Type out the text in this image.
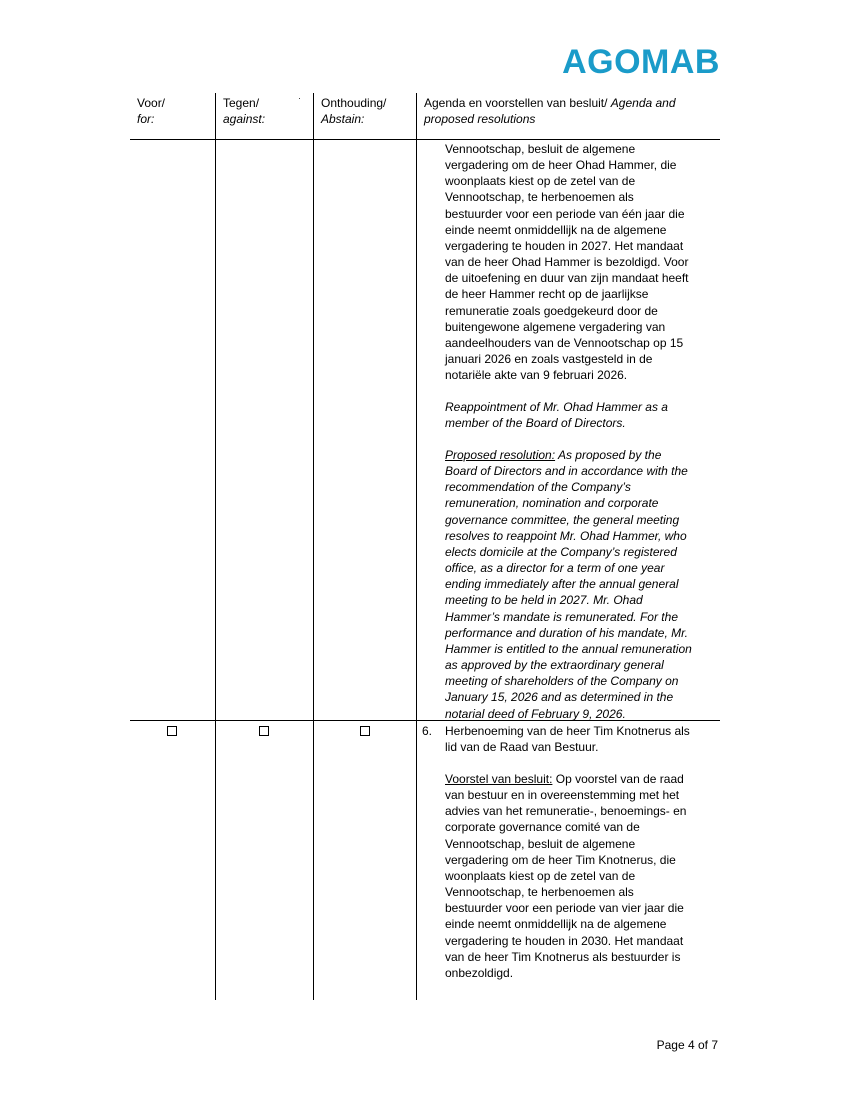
AGOMAB
Voor/
for:
Tegen/
against:
Onthouding/
Abstain:
Agenda en voorstellen van besluit/ Agenda and
proposed resolutions
Vennootschap, besluit de algemene
vergadering om de heer Ohad Hammer, die
woonplaats kiest op de zetel van de
Vennootschap, te herbenoemen als
bestuurder voor een periode van één jaar die
einde neemt onmiddellijk na de algemene
vergadering te houden in 2027. Het mandaat
van de heer Ohad Hammer is bezoldigd. Voor
de uitoefening en duur van zijn mandaat heeft
de heer Hammer recht op de jaarlijkse
remuneratie zoals goedgekeurd door de
buitengewone algemene vergadering van
aandeelhouders van de Vennootschap op 15
januari 2026 en zoals vastgesteld in de
notariële akte van 9 februari 2026.
Reappointment of Mr. Ohad Hammer as a
member of the Board of Directors.
Proposed resolution: As proposed by the
Board of Directors and in accordance with the
recommendation of the Company’s
remuneration, nomination and corporate
governance committee, the general meeting
resolves to reappoint Mr. Ohad Hammer, who
elects domicile at the Company’s registered
office, as a director for a term of one year
ending immediately after the annual general
meeting to be held in 2027. Mr. Ohad
Hammer’s mandate is remunerated. For the
performance and duration of his mandate, Mr.
Hammer is entitled to the annual remuneration
as approved by the extraordinary general
meeting of shareholders of the Company on
January 15, 2026 and as determined in the
notarial deed of February 9, 2026.
6. Herbenoeming van de heer Tim Knotnerus als
lid van de Raad van Bestuur.
Voorstel van besluit: Op voorstel van de raad
van bestuur en in overeenstemming met het
advies van het remuneratie-, benoemings- en
corporate governance comité van de
Vennootschap, besluit de algemene
vergadering om de heer Tim Knotnerus, die
woonplaats kiest op de zetel van de
Vennootschap, te herbenoemen als
bestuurder voor een periode van vier jaar die
einde neemt onmiddellijk na de algemene
vergadering te houden in 2030. Het mandaat
van de heer Tim Knotnerus als bestuurder is
onbezoldigd.
Page 4 of 7
